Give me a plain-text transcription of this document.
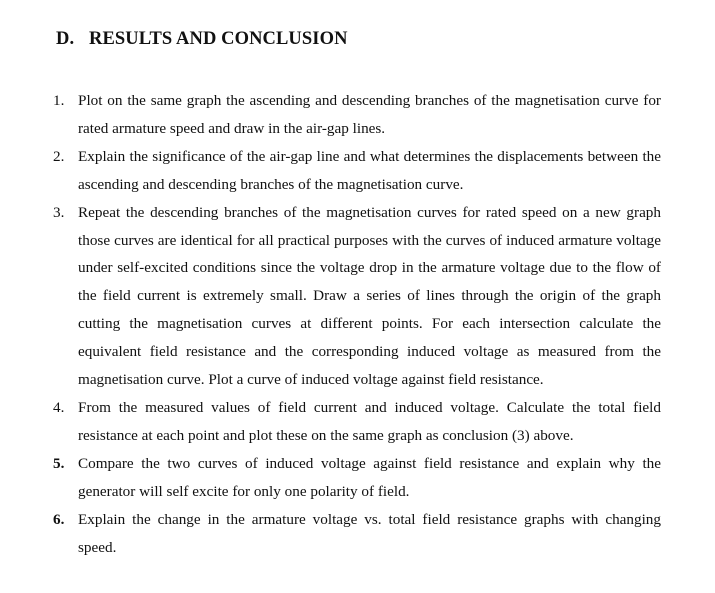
D. RESULTS AND CONCLUSION
1. Plot on the same graph the ascending and descending branches of the magnetisation curve for rated armature speed and draw in the air-gap lines.
2. Explain the significance of the air-gap line and what determines the displacements between the ascending and descending branches of the magnetisation curve.
3. Repeat the descending branches of the magnetisation curves for rated speed on a new graph those curves are identical for all practical purposes with the curves of induced armature voltage under self-excited conditions since the voltage drop in the armature voltage due to the flow of the field current is extremely small. Draw a series of lines through the origin of the graph cutting the magnetisation curves at different points. For each intersection calculate the equivalent field resistance and the corresponding induced voltage as measured from the magnetisation curve. Plot a curve of induced voltage against field resistance.
4. From the measured values of field current and induced voltage. Calculate the total field resistance at each point and plot these on the same graph as conclusion (3) above.
5. Compare the two curves of induced voltage against field resistance and explain why the generator will self excite for only one polarity of field.
6. Explain the change in the armature voltage vs. total field resistance graphs with changing speed.
